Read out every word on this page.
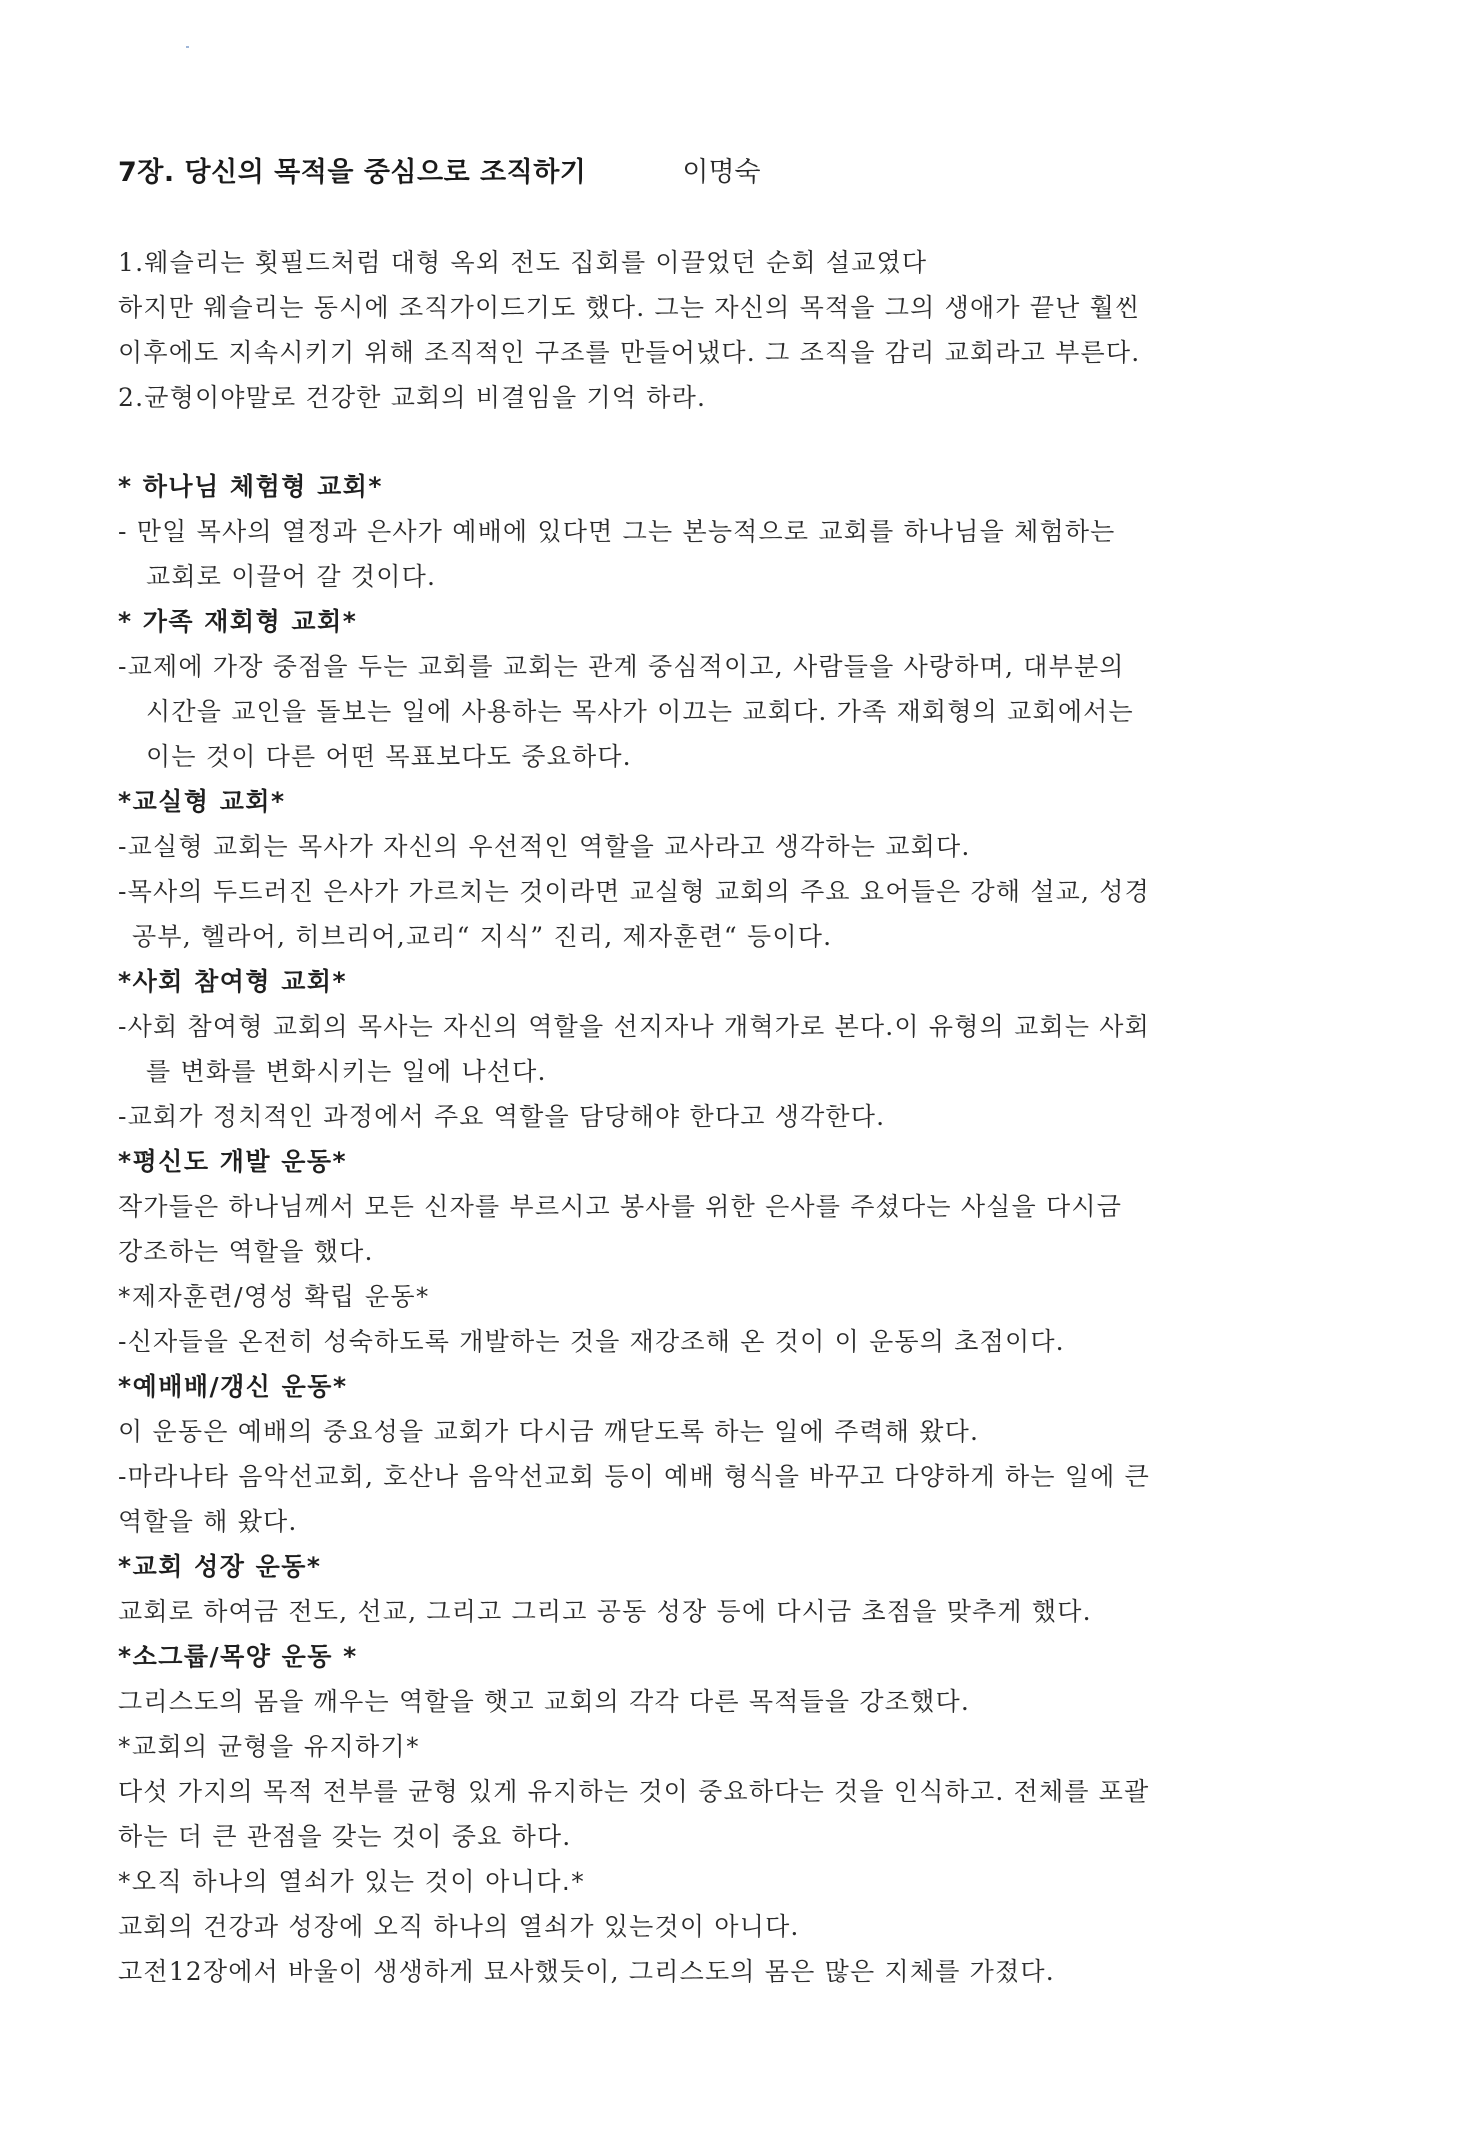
7장. 당신의 목적을 중심으로 조직하기	이명숙
1.웨슬리는 횟필드처럼 대형 옥외 전도 집회를 이끌었던 순회 설교였다
하지만 웨슬리는 동시에 조직가이드기도 했다. 그는 자신의 목적을 그의 생애가 끝난 훨씬
이후에도 지속시키기 위해 조직적인 구조를 만들어냈다. 그 조직을 감리 교회라고 부른다.
2.균형이야말로 건강한 교회의 비결임을 기억 하라.
* 하나님 체험형 교회*
- 만일 목사의 열정과 은사가 예배에 있다면 그는 본능적으로 교회를 하나님을 체험하는
교회로 이끌어 갈 것이다.
* 가족 재회형 교회*
-교제에 가장 중점을 두는 교회를 교회는 관계 중심적이고, 사람들을 사랑하며, 대부분의
시간을 교인을 돌보는 일에 사용하는 목사가 이끄는 교회다. 가족 재회형의 교회에서는
이는 것이 다른 어떤 목표보다도 중요하다.
*교실형 교회*
-교실형 교회는 목사가 자신의 우선적인 역할을 교사라고 생각하는 교회다.
-목사의 두드러진 은사가 가르치는 것이라면 교실형 교회의 주요 요어들은 강해 설교, 성경
공부, 헬라어, 히브리어,교리“ 지식” 진리, 제자훈련“ 등이다.
*사회 참여형 교회*
-사회 참여형 교회의 목사는 자신의 역할을 선지자나 개혁가로 본다.이 유형의 교회는 사회
를 변화를 변화시키는 일에 나선다.
-교회가 정치적인 과정에서 주요 역할을 담당해야 한다고 생각한다.
*평신도 개발 운동*
작가들은 하나님께서 모든 신자를 부르시고 봉사를 위한 은사를 주셨다는 사실을 다시금
강조하는 역할을 했다.
*제자훈련/영성 확립 운동*
-신자들을 온전히 성숙하도록 개발하는 것을 재강조해 온 것이 이 운동의 초점이다.
*예배배/갱신 운동*
이 운동은 예배의 중요성을 교회가 다시금 깨닫도록 하는 일에 주력해 왔다.
-마라나타 음악선교회, 호산나 음악선교회 등이 예배 형식을 바꾸고 다양하게 하는 일에 큰
역할을 해 왔다.
*교회 성장 운동*
교회로 하여금 전도, 선교, 그리고 그리고 공동 성장 등에 다시금 초점을 맞추게 했다.
*소그룹/목양 운동 *
그리스도의 몸을 깨우는 역할을 햇고 교회의 각각 다른 목적들을 강조했다.
*교회의 균형을 유지하기*
다섯 가지의 목적 전부를 균형 있게 유지하는 것이 중요하다는 것을 인식하고. 전체를 포괄
하는 더 큰 관점을 갖는 것이 중요 하다.
*오직 하나의 열쇠가 있는 것이 아니다.*
교회의 건강과 성장에 오직 하나의 열쇠가 있는것이 아니다.
고전12장에서 바울이 생생하게 묘사했듯이, 그리스도의 몸은 많은 지체를 가졌다.
